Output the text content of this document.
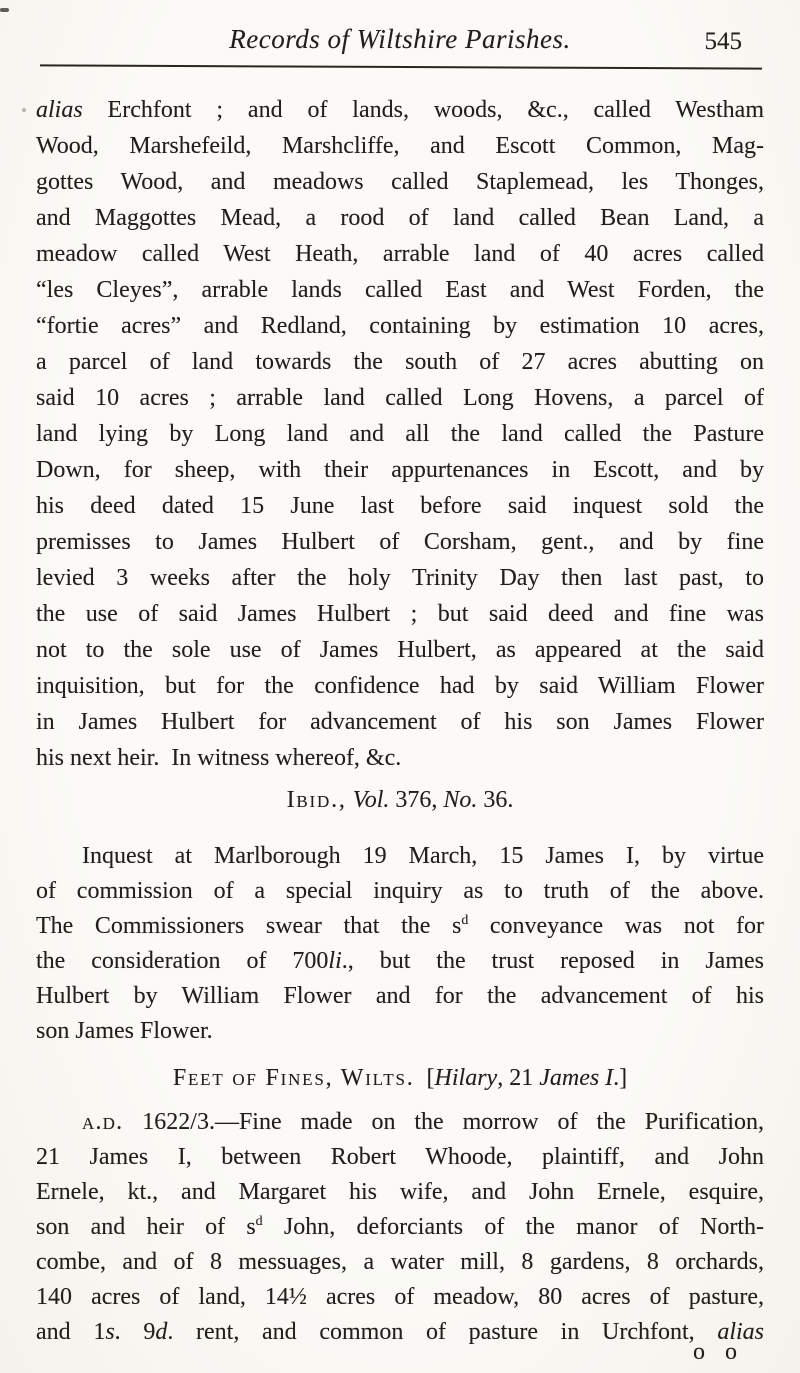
Records of Wiltshire Parishes.	545
alias Erchfont ; and of lands, woods, &c., called Westham
Wood, Marshefeild, Marshcliffe, and Escott Common, Mag-
gottes Wood, and meadows called Staplemead, les Thonges,
and Maggottes Mead, a rood of land called Bean Land, a
meadow called West Heath, arrable land of 40 acres called
“les Cleyes”, arrable lands called East and West Forden, the
“fortie acres” and Redland, containing by estimation 10 acres,
a parcel of land towards the south of 27 acres abutting on
said 10 acres ; arrable land called Long Hovens, a parcel of
land lying by Long land and all the land called the Pasture
Down, for sheep, with their appurtenances in Escott, and by
his deed dated 15 June last before said inquest sold the
premisses to James Hulbert of Corsham, gent., and by fine
levied 3 weeks after the holy Trinity Day then last past, to
the use of said James Hulbert ; but said deed and fine was
not to the sole use of James Hulbert, as appeared at the said
inquisition, but for the confidence had by said William Flower
in James Hulbert for advancement of his son James Flower
his next heir. In witness whereof, &c.
Ibid., Vol. 376, No. 36.
Inquest at Marlborough 19 March, 15 James I, by virtue
of commission of a special inquiry as to truth of the above.
The Commissioners swear that the $s^d$ conveyance was not for
the consideration of 700li., but the trust reposed in James
Hulbert by William Flower and for the advancement of his
son James Flower.
Feet of Fines, Wilts. [Hilary, 21 James I.]
a.d. 1622/3.—Fine made on the morrow of the Purification,
21 James I, between Robert Whoode, plaintiff, and John
Ernele, kt., and Margaret his wife, and John Ernele, esquire,
son and heir of $s^d$ John, deforciants of the manor of North-
combe, and of 8 messuages, a water mill, 8 gardens, 8 orchards,
140 acres of land, 14½ acres of meadow, 80 acres of pasture,
and 1s. 9d. rent, and common of pasture in Urchfont, alias
o o
